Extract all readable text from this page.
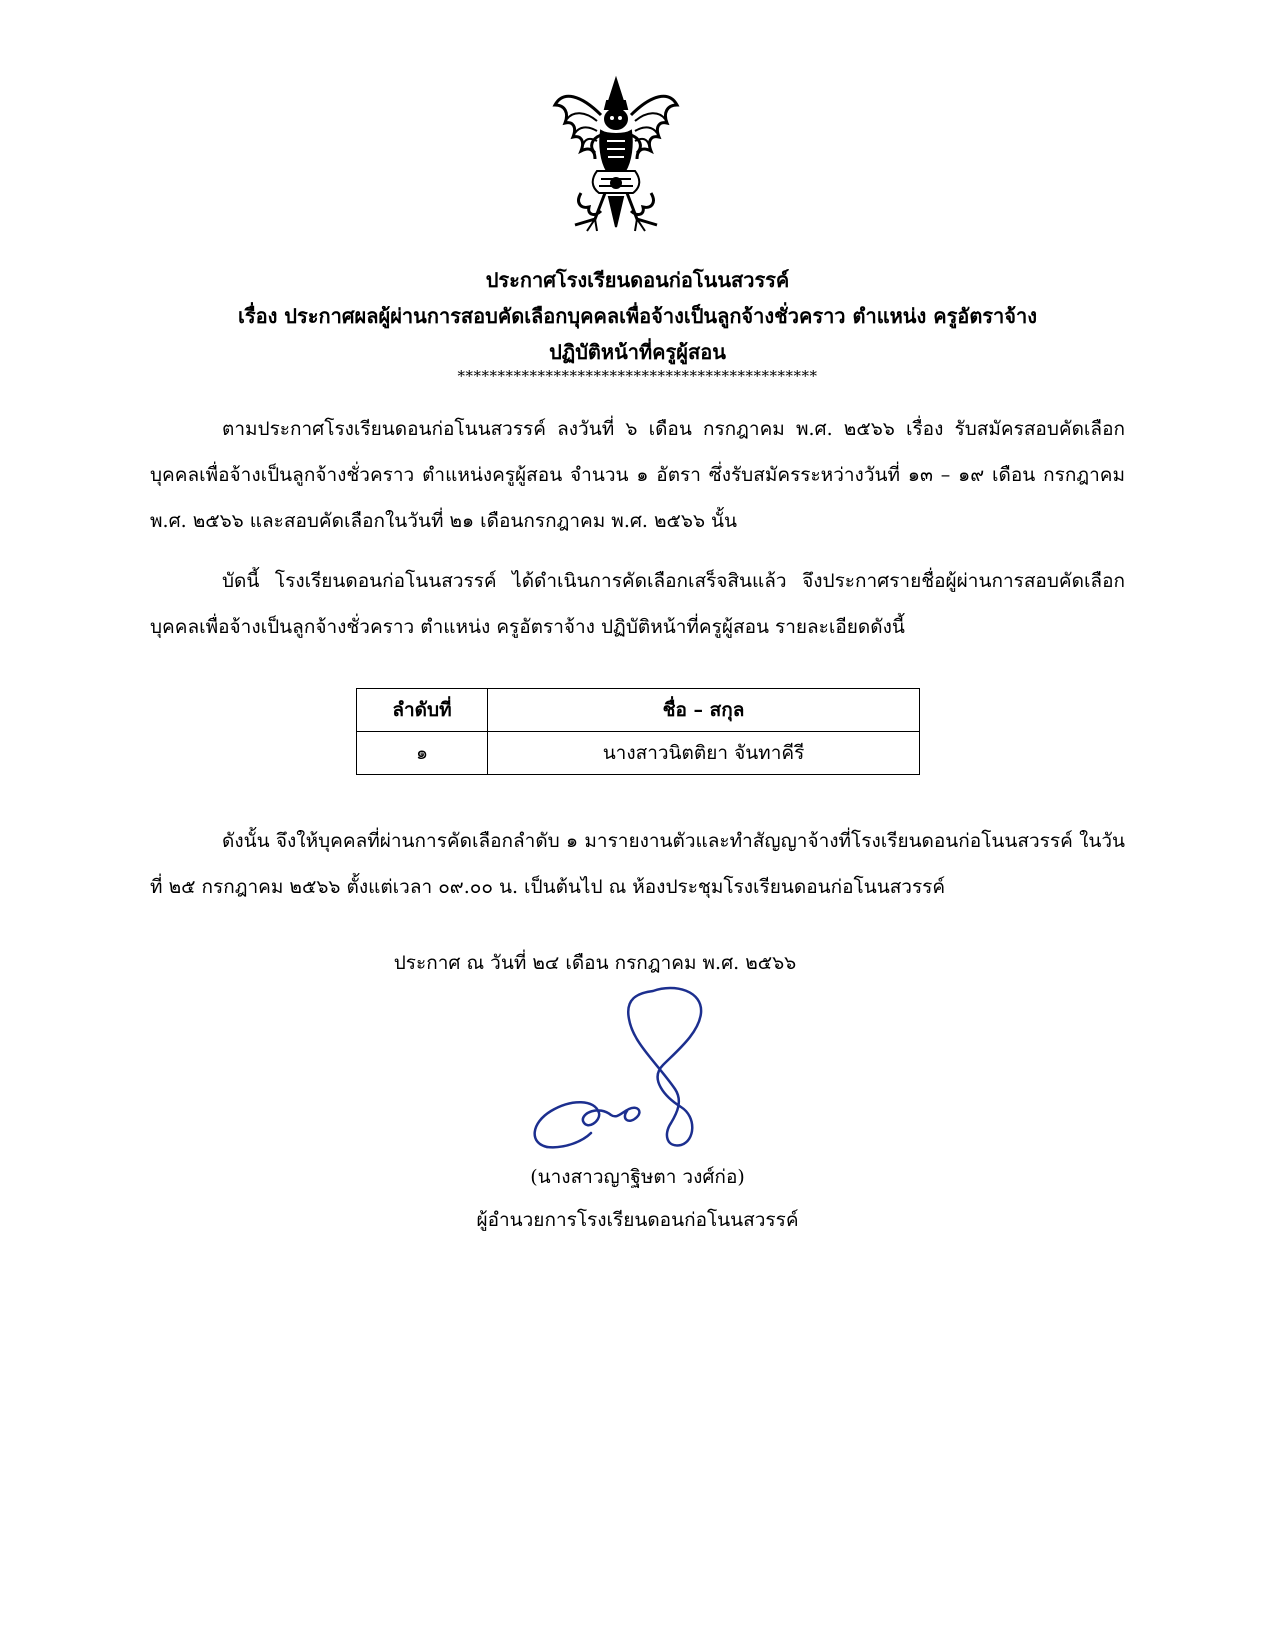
ประกาศโรงเรียนดอนก่อโนนสวรรค์
เรื่อง ประกาศผลผู้ผ่านการสอบคัดเลือกบุคคลเพื่อจ้างเป็นลูกจ้างชั่วคราว ตำแหน่ง ครูอัตราจ้าง
ปฏิบัติหน้าที่ครูผู้สอน
*********************************************

ตามประกาศโรงเรียนดอนก่อโนนสวรรค์ ลงวันที่ ๖ เดือน กรกฎาคม พ.ศ. ๒๕๖๖ เรื่อง รับสมัครสอบคัดเลือกบุคคลเพื่อจ้างเป็นลูกจ้างชั่วคราว ตำแหน่งครูผู้สอน จำนวน ๑ อัตรา ซึ่งรับสมัครระหว่างวันที่ ๑๓ – ๑๙ เดือน กรกฎาคม พ.ศ. ๒๕๖๖ และสอบคัดเลือกในวันที่ ๒๑ เดือนกรกฎาคม พ.ศ. ๒๕๖๖ นั้น

บัดนี้ โรงเรียนดอนก่อโนนสวรรค์ ได้ดำเนินการคัดเลือกเสร็จสินแล้ว จึงประกาศรายชื่อผู้ผ่านการสอบคัดเลือกบุคคลเพื่อจ้างเป็นลูกจ้างชั่วคราว ตำแหน่ง ครูอัตราจ้าง ปฏิบัติหน้าที่ครูผู้สอน รายละเอียดดังนี้

ลำดับที่	ชื่อ – สกุล
๑	นางสาวนิตติยา จันทาคีรี

ดังนั้น จึงให้บุคคลที่ผ่านการคัดเลือกลำดับ ๑ มารายงานตัวและทำสัญญาจ้างที่โรงเรียนดอนก่อโนนสวรรค์ ในวันที่ ๒๕ กรกฎาคม ๒๕๖๖ ตั้งแต่เวลา ๐๙.๐๐ น. เป็นต้นไป ณ ห้องประชุมโรงเรียนดอนก่อโนนสวรรค์

ประกาศ ณ วันที่ ๒๔ เดือน กรกฎาคม พ.ศ. ๒๕๖๖
(นางสาวญาฐิษตา วงศ์ก่อ)
ผู้อำนวยการโรงเรียนดอนก่อโนนสวรรค์
